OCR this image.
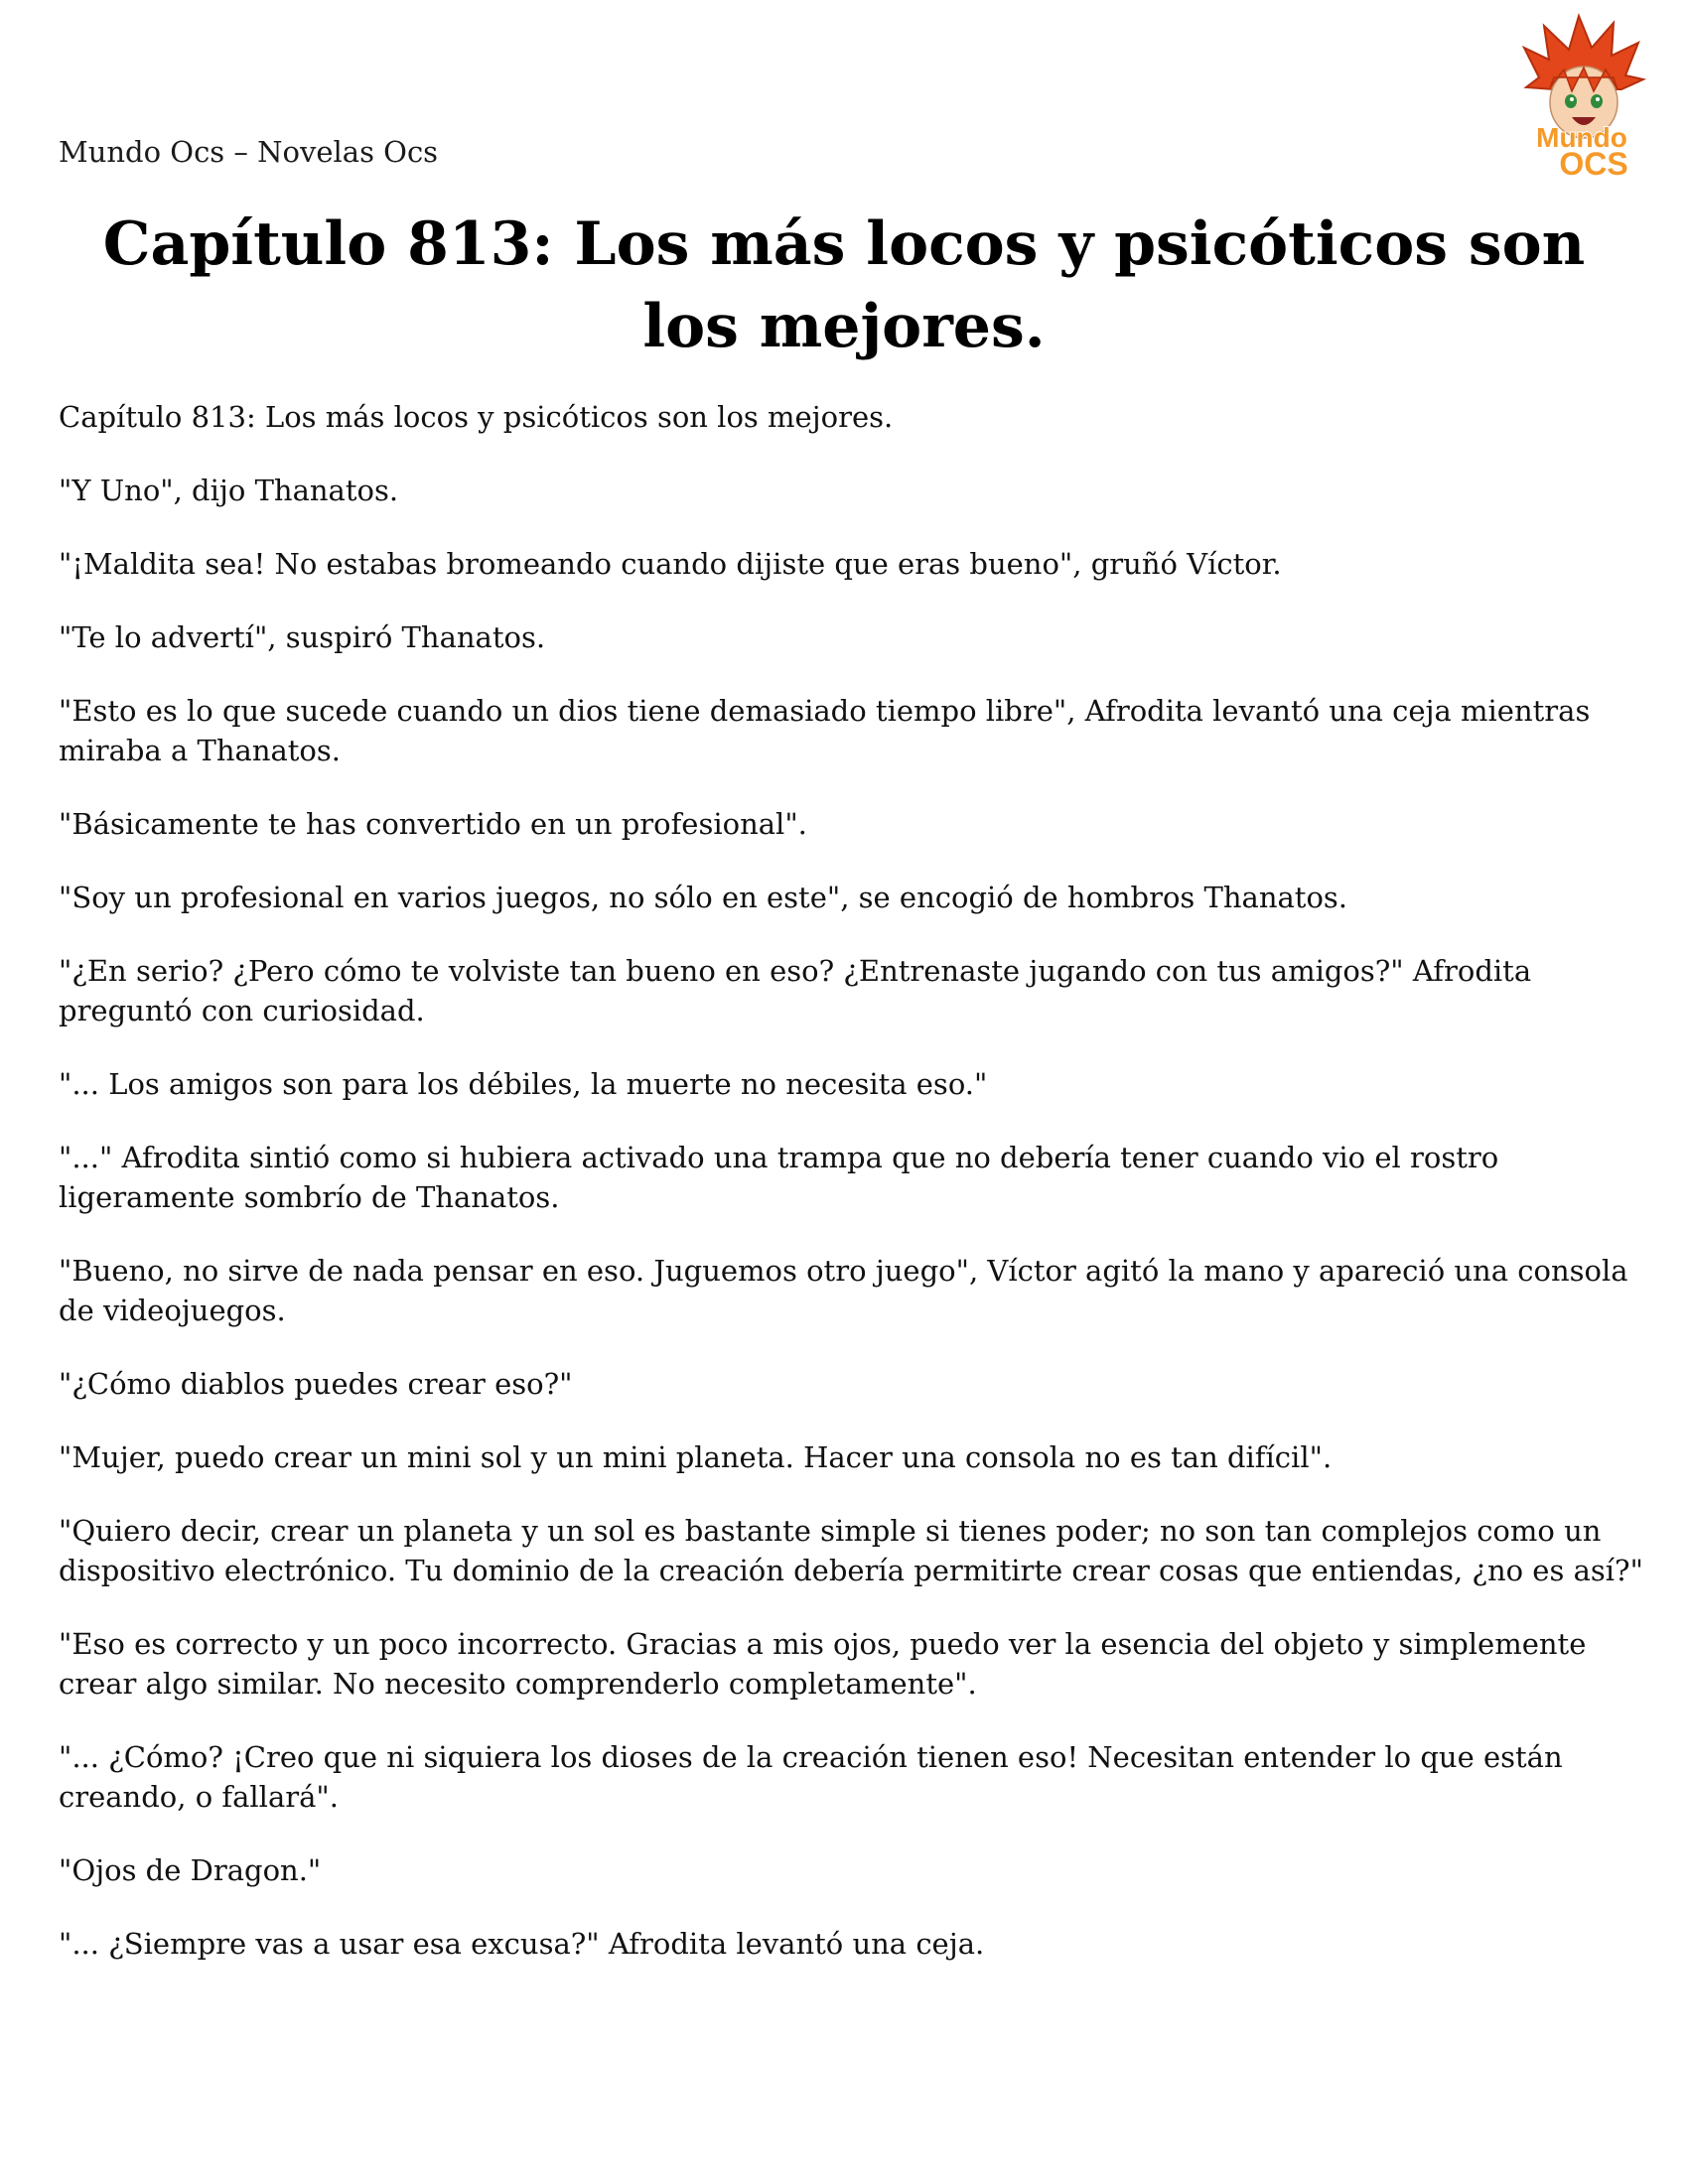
Mundo Ocs – Novelas Ocs	Mundo
OCS
Capítulo 813: Los más locos y psicóticos son los mejores.

Capítulo 813: Los más locos y psicóticos son los mejores.

"Y Uno", dijo Thanatos.

"¡Maldita sea! No estabas bromeando cuando dijiste que eras bueno", gruñó Víctor.

"Te lo advertí", suspiró Thanatos.

"Esto es lo que sucede cuando un dios tiene demasiado tiempo libre", Afrodita levantó una ceja mientras miraba a Thanatos.

"Básicamente te has convertido en un profesional".

"Soy un profesional en varios juegos, no sólo en este", se encogió de hombros Thanatos.

"¿En serio? ¿Pero cómo te volviste tan bueno en eso? ¿Entrenaste jugando con tus amigos?" Afrodita preguntó con curiosidad.

"... Los amigos son para los débiles, la muerte no necesita eso."

"..." Afrodita sintió como si hubiera activado una trampa que no debería tener cuando vio el rostro ligeramente sombrío de Thanatos.

"Bueno, no sirve de nada pensar en eso. Juguemos otro juego", Víctor agitó la mano y apareció una consola de videojuegos.

"¿Cómo diablos puedes crear eso?"

"Mujer, puedo crear un mini sol y un mini planeta. Hacer una consola no es tan difícil".

"Quiero decir, crear un planeta y un sol es bastante simple si tienes poder; no son tan complejos como un dispositivo electrónico. Tu dominio de la creación debería permitirte crear cosas que entiendas, ¿no es así?"

"Eso es correcto y un poco incorrecto. Gracias a mis ojos, puedo ver la esencia del objeto y simplemente crear algo similar. No necesito comprenderlo completamente".

"... ¿Cómo? ¡Creo que ni siquiera los dioses de la creación tienen eso! Necesitan entender lo que están creando, o fallará".

"Ojos de Dragon."

"... ¿Siempre vas a usar esa excusa?" Afrodita levantó una ceja.
